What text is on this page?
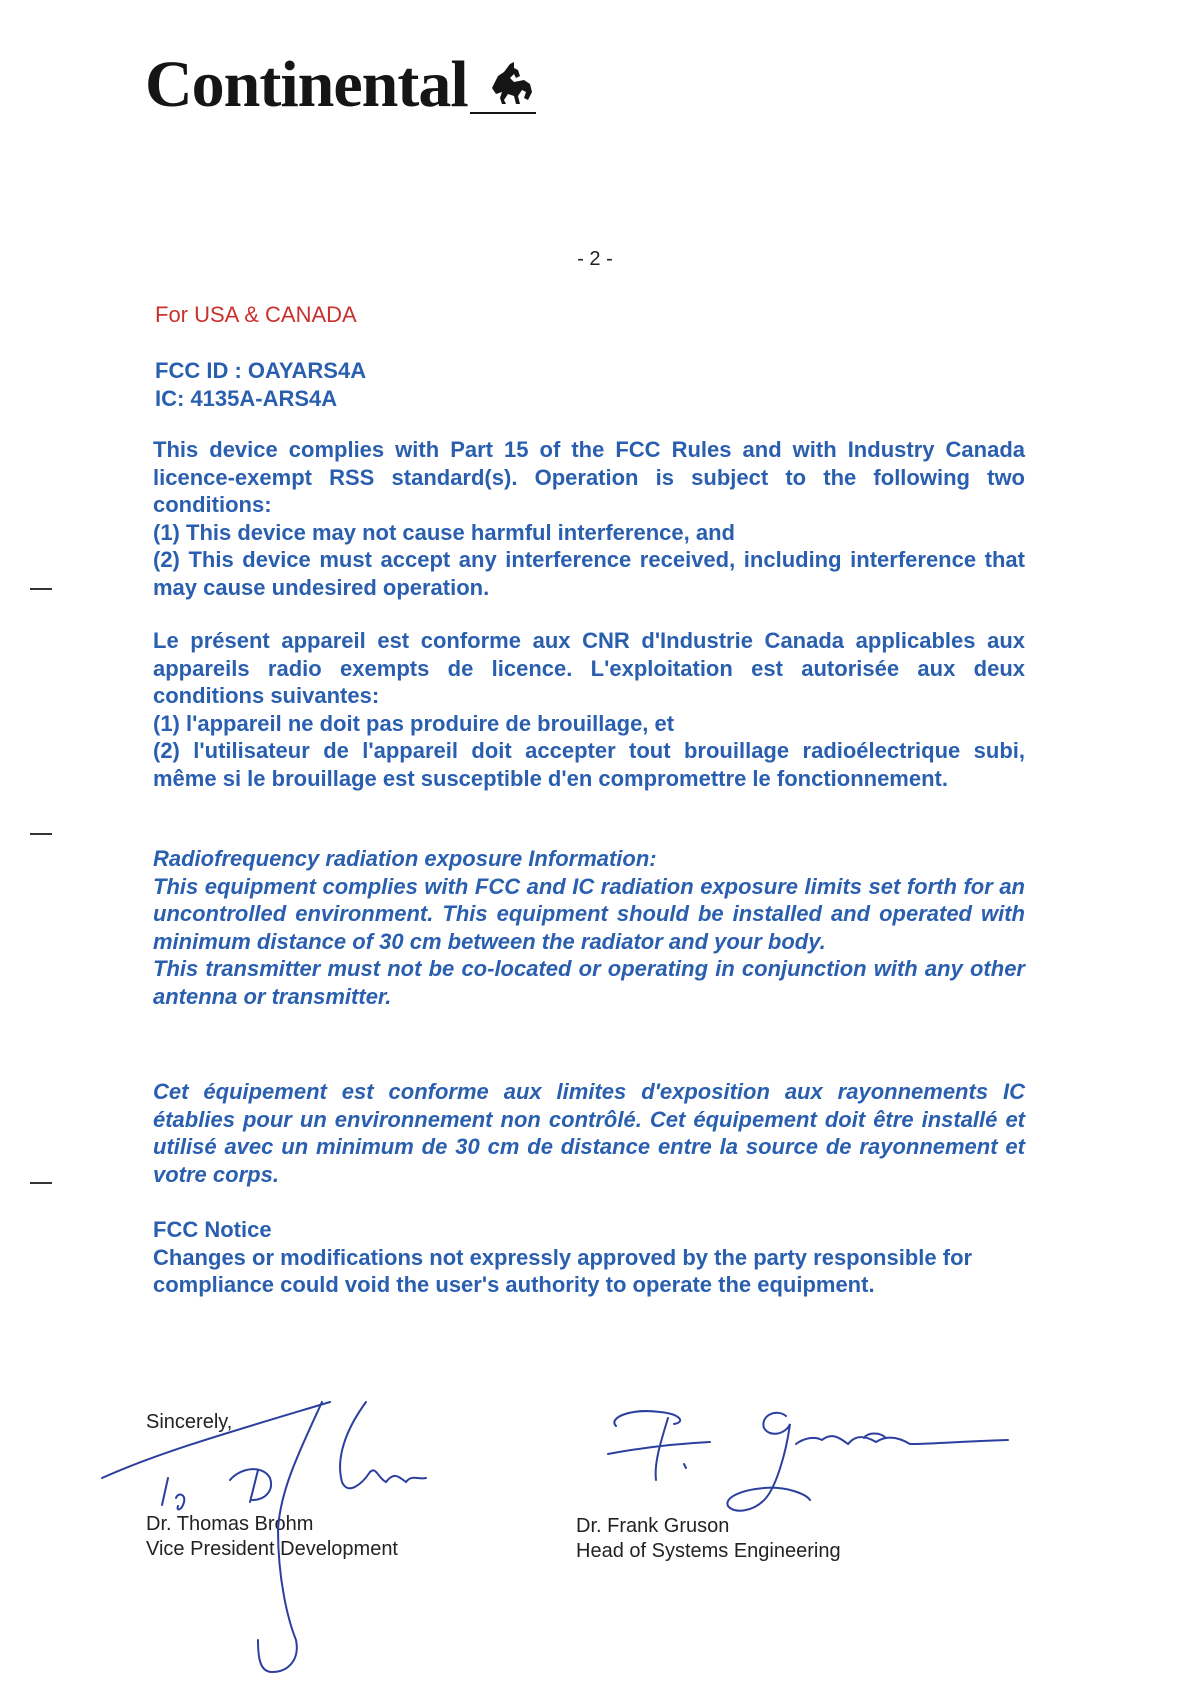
Continental
- 2 -
For USA & CANADA
FCC ID : OAYARS4A
IC: 4135A-ARS4A

This device complies with Part 15 of the FCC Rules and with Industry Canada licence-exempt RSS standard(s). Operation is subject to the following two conditions:

(1) This device may not cause harmful interference, and

(2) This device must accept any interference received, including interference that may cause undesired operation.

Le présent appareil est conforme aux CNR d'Industrie Canada applicables aux appareils radio exempts de licence. L'exploitation est autorisée aux deux conditions suivantes:

(1) l'appareil ne doit pas produire de brouillage, et

(2) l'utilisateur de l'appareil doit accepter tout brouillage radioélectrique subi, même si le brouillage est susceptible d'en compromettre le fonctionnement.

Radiofrequency radiation exposure Information:

This equipment complies with FCC and IC radiation exposure limits set forth for an uncontrolled environment. This equipment should be installed and operated with minimum distance of 30 cm between the radiator and your body.

This transmitter must not be co-located or operating in conjunction with any other antenna or transmitter.

Cet équipement est conforme aux limites d'exposition aux rayonnements IC établies pour un environnement non contrôlé. Cet équipement doit être installé et utilisé avec un minimum de 30 cm de distance entre la source de rayonnement et votre corps.

FCC Notice

Changes or modifications not expressly approved by the party responsible for compliance could void the user's authority to operate the equipment.

Sincerely,
Dr. Thomas Brohm
Vice President Development
Dr. Frank Gruson
Head of Systems Engineering
